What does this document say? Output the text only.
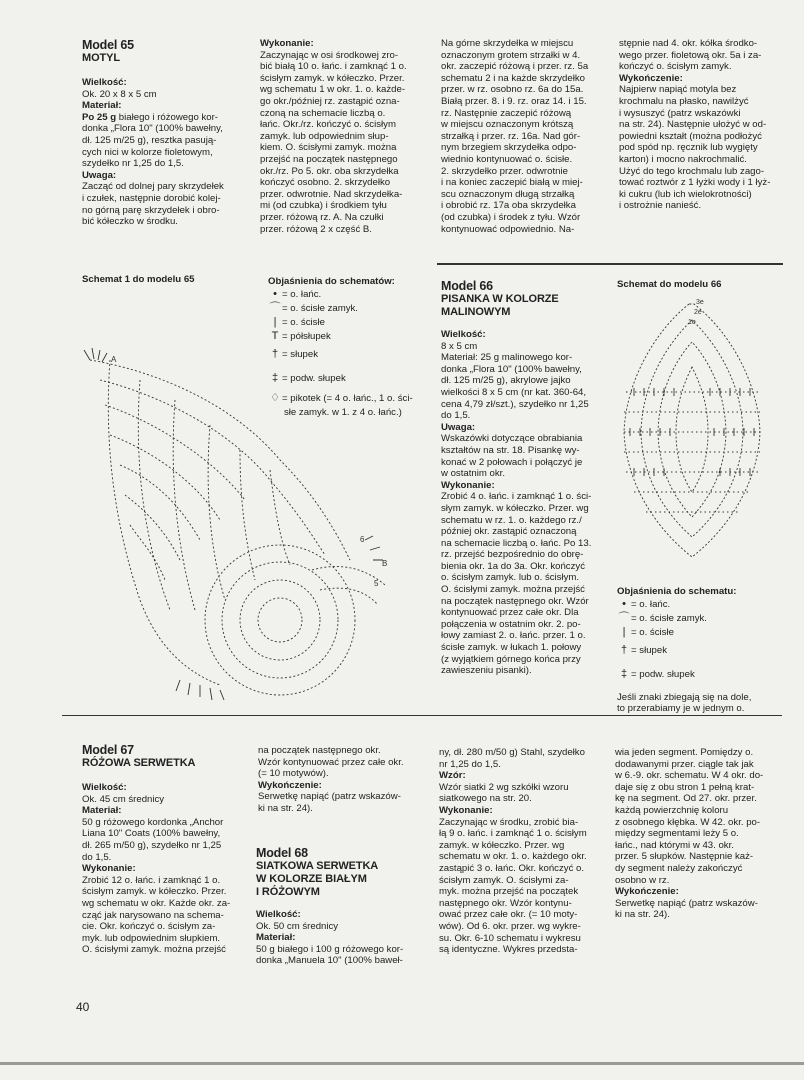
Model 65
MOTYL
Wielkość:
Ok. 20 x 8 x 5 cm
Materiał:
Po 25 g białego i różowego kor-
donka „Flora 10" (100% bawełny,
dł. 125 m/25 g), resztka pasują-
cych nici w kolorze fioletowym,
szydełko nr 1,25 do 1,5.
Uwaga:
Zacząć od dolnej pary skrzydełek
i czułek, następnie dorobić kolej-
no górną parę skrzydełek i obro-
bić kółeczko w środku.
Wykonanie:
Zaczynając w osi środkowej zro-
bić białą 10 o. łańc. i zamknąć 1 o.
ścisłym zamyk. w kółeczko. Przer.
wg schematu 1 w okr. 1. o. każde-
go okr./później rz. zastąpić ozna-
czoną na schemacie liczbą o.
łańc. Okr./rz. kończyć o. ścisłym
zamyk. lub odpowiednim słup-
kiem. O. ścisłymi zamyk. można
przejść na początek następnego
okr./rz. Po 5. okr. oba skrzydełka
kończyć osobno. 2. skrzydełko
przer. odwrotnie. Nad skrzydełka-
mi (od czubka) i środkiem tyłu
przer. różową rz. A. Na czułki
przer. różową 2 x część B.
Na górne skrzydełka w miejscu
oznaczonym grotem strzałki w 4.
okr. zaczepić różową i przer. rz. 5a
schematu 2 i na każde skrzydełko
przer. w rz. osobno rz. 6a do 15a.
Białą przer. 8. i 9. rz. oraz 14. i 15.
rz. Następnie zaczepić różową
w miejscu oznaczonym krótszą
strzałką i przer. rz. 16a. Nad gór-
nym brzegiem skrzydełka odpo-
wiednio kontynuować o. ścisłe.
2. skrzydełko przer. odwrotnie
i na koniec zaczepić białą w miej-
scu oznaczonym długą strzałką
i obrobić rz. 17a oba skrzydełka
(od czubka) i środek z tyłu. Wzór
kontynuować odpowiednio. Na-
stępnie nad 4. okr. kółka środko-
wego przer. fioletową okr. 5a i za-
kończyć o. ścisłym zamyk.
Wykończenie:
Najpierw napiąć motyla bez
krochmalu na płasko, nawilżyć
i wysuszyć (patrz wskazówki
na str. 24). Następnie ułożyć w od-
powiedni kształt (można podłożyć
pod spód np. ręcznik lub wygięty
karton) i mocno nakrochmalić.
Użyć do tego krochmalu lub zago-
tować roztwór z 1 łyżki wody i 1 łyż-
ki cukru (lub ich wielokrotności)
i ostrożnie nanieść.
Schemat 1 do modelu 65	Objaśnienia do schematów:
• = o. łańc.
⌒ = o. ścisłe zamyk.
| = o. ścisłe
T = półsłupek
† = słupek
‡ = podw. słupek
♢ = pikotek (= 4 o. łańc., 1 o. ści-
słe zamyk. w 1. z 4 o. łańc.)
A
B
6
5
Model 66
PISANKA W KOLORZE
MALINOWYM
Wielkość:
8 x 5 cm
Materiał: 25 g malinowego kor-
donka „Flora 10" (100% bawełny,
dł. 125 m/25 g), akrylowe jajko
wielkości 8 x 5 cm (nr kat. 360-64,
cena 4,79 zł/szt.), szydełko nr 1,25
do 1,5.
Uwaga:
Wskazówki dotyczące obrabiania
kształtów na str. 18. Pisankę wy-
konać w 2 połowach i połączyć je
w ostatnim okr.
Wykonanie:
Zrobić 4 o. łańc. i zamknąć 1 o. ści-
słym zamyk. w kółeczko. Przer. wg
schematu w rz. 1. o. każdego rz./
później okr. zastąpić oznaczoną
na schemacie liczbą o. łańc. Po 13.
rz. przejść bezpośrednio do obrę-
bienia okr. 1a do 3a. Okr. kończyć
o. ścisłym zamyk. lub o. ścisłym.
O. ścisłymi zamyk. można przejść
na początek następnego okr. Wzór
kontynuować przez całe okr. Dla
połączenia w ostatnim okr. 2. po-
łowy zamiast 2. o. łańc. przer. 1 o.
ścisłe zamyk. w łukach 1. połowy
(z wyjątkiem górnego końca przy
zawieszeniu pisanki).
Schemat do modelu 66
3e
2e
1e
Objaśnienia do schematu:
• = o. łańc.
⌒ = o. ścisłe zamyk.
| = o. ścisłe
† = słupek
‡ = podw. słupek
Jeśli znaki zbiegają się na dole,
to przerabiamy je w jednym o.
Model 67
RÓŻOWA SERWETKA
Wielkość:
Ok. 45 cm średnicy
Materiał:
50 g różowego kordonka „Anchor
Liana 10" Coats (100% bawełny,
dł. 265 m/50 g), szydełko nr 1,25
do 1,5.
Wykonanie:
Zrobić 12 o. łańc. i zamknąć 1 o.
ścisłym zamyk. w kółeczko. Przer.
wg schematu w okr. Każde okr. za-
cząć jak narysowano na schema-
cie. Okr. kończyć o. ścisłym za-
myk. lub odpowiednim słupkiem.
O. ścisłymi zamyk. można przejść
na początek następnego okr.
Wzór kontynuować przez całe okr.
(= 10 motywów).
Wykończenie:
Serwetkę napiąć (patrz wskazów-
ki na str. 24).
Model 68
SIATKOWA SERWETKA
W KOLORZE BIAŁYM
I RÓŻOWYM
Wielkość:
Ok. 50 cm średnicy
Materiał:
50 g białego i 100 g różowego kor-
donka „Manuela 10" (100% baweł-
ny, dł. 280 m/50 g) Stahl, szydełko
nr 1,25 do 1,5.
Wzór:
Wzór siatki 2 wg szkółki wzoru
siatkowego na str. 20.
Wykonanie:
Zaczynając w środku, zrobić bia-
łą 9 o. łańc. i zamknąć 1 o. ścisłym
zamyk. w kółeczko. Przer. wg
schematu w okr. 1. o. każdego okr.
zastąpić 3 o. łańc. Okr. kończyć o.
ścisłym zamyk. O. ścisłymi za-
myk. można przejść na początek
następnego okr. Wzór kontynu-
ować przez całe okr. (= 10 moty-
wów). Od 6. okr. przer. wg wykre-
su. Okr. 6-10 schematu i wykresu
są identyczne. Wykres przedsta-
wia jeden segment. Pomiędzy o.
dodawanymi przer. ciągle tak jak
w 6.-9. okr. schematu. W 4 okr. do-
daje się z obu stron 1 pełną krat-
kę na segment. Od 27. okr. przer.
każdą powierzchnię koloru
z osobnego kłębka. W 42. okr. po-
między segmentami leży 5 o.
łańc., nad którymi w 43. okr.
przer. 5 słupków. Następnie każ-
dy segment należy zakończyć
osobno w rz.
Wykończenie:
Serwetkę napiąć (patrz wskazów-
ki na str. 24).
40
